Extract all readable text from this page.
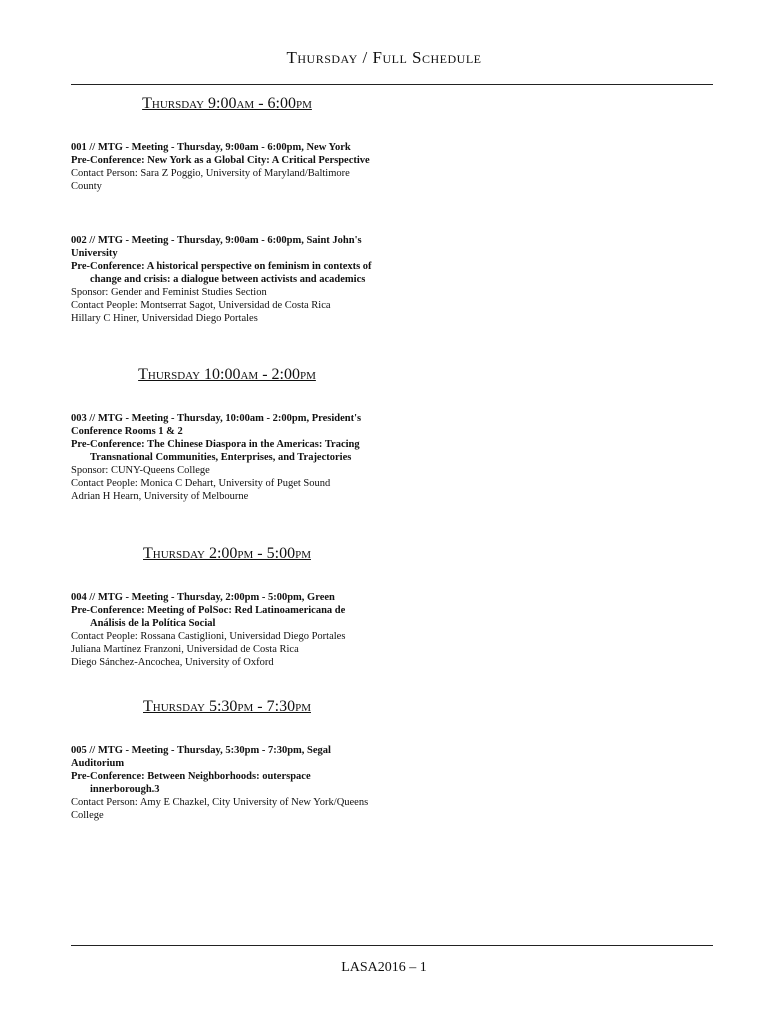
Thursday / Full Schedule
Thursday 9:00am - 6:00pm
001 // MTG - Meeting - Thursday, 9:00am - 6:00pm, New York
Pre-Conference: New York as a Global City: A Critical Perspective
Contact Person: Sara Z Poggio, University of Maryland/Baltimore County
002 // MTG - Meeting - Thursday, 9:00am - 6:00pm, Saint John's University
Pre-Conference: A historical perspective on feminism in contexts of change and crisis: a dialogue between activists and academics
Sponsor: Gender and Feminist Studies Section
Contact People: Montserrat Sagot, Universidad de Costa Rica
Hillary C Hiner, Universidad Diego Portales
Thursday 10:00am - 2:00pm
003 // MTG - Meeting - Thursday, 10:00am - 2:00pm, President's Conference Rooms 1 & 2
Pre-Conference: The Chinese Diaspora in the Americas: Tracing Transnational Communities, Enterprises, and Trajectories
Sponsor: CUNY-Queens College
Contact People: Monica C Dehart, University of Puget Sound
Adrian H Hearn, University of Melbourne
Thursday 2:00pm - 5:00pm
004 // MTG - Meeting - Thursday, 2:00pm - 5:00pm, Green
Pre-Conference: Meeting of PolSoc: Red Latinoamericana de Análisis de la Política Social
Contact People: Rossana Castiglioni, Universidad Diego Portales
Juliana Martínez Franzoni, Universidad de Costa Rica
Diego Sánchez-Ancochea, University of Oxford
Thursday 5:30pm - 7:30pm
005 // MTG - Meeting - Thursday, 5:30pm - 7:30pm, Segal Auditorium
Pre-Conference: Between Neighborhoods: outerspace innerborough.3
Contact Person: Amy E Chazkel, City University of New York/Queens College
LASA2016 – 1
